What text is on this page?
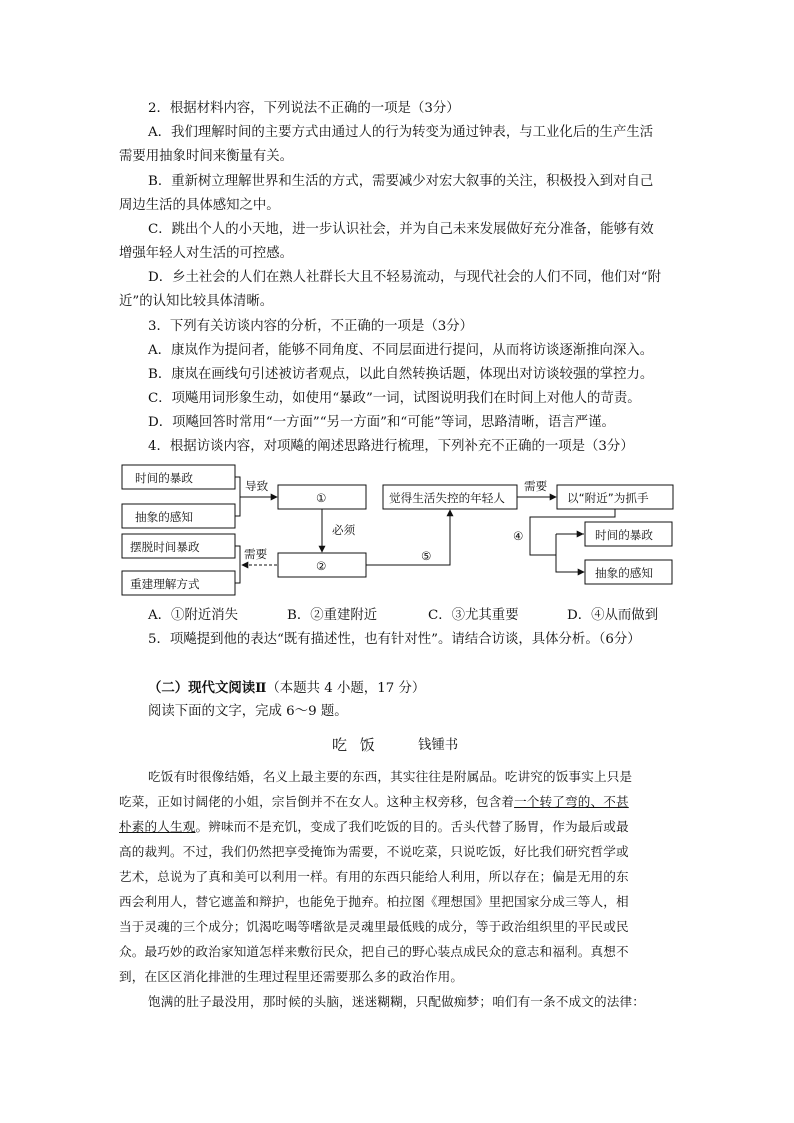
2．根据材料内容，下列说法不正确的一项是（3分）
A．我们理解时间的主要方式由通过人的行为转变为通过钟表，与工业化后的生产生活
需要用抽象时间来衡量有关。
B．重新树立理解世界和生活的方式，需要减少对宏大叙事的关注，积极投入到对自己
周边生活的具体感知之中。
C．跳出个人的小天地，进一步认识社会，并为自己未来发展做好充分准备，能够有效
增强年轻人对生活的可控感。
D．乡土社会的人们在熟人社群长大且不轻易流动，与现代社会的人们不同，他们对“附
近”的认知比较具体清晰。
3．下列有关访谈内容的分析，不正确的一项是（3分）
A．康岚作为提问者，能够不同角度、不同层面进行提问，从而将访谈逐渐推向深入。
B．康岚在画线句引述被访者观点，以此自然转换话题，体现出对访谈较强的掌控力。
C．项飚用词形象生动，如使用“暴政”一词，试图说明我们在时间上对他人的苛责。
D．项飚回答时常用“一方面”“另一方面”和“可能”等词，思路清晰，语言严谨。
4．根据访谈内容，对项飚的阐述思路进行梳理，下列补充不正确的一项是（3分）
时间的暴政
抽象的感知
导致
①
必须
②
摆脱时间暴政
重建理解方式
需要	⑤
觉得生活失控的年轻人
需要
以“附近”为抓手
④	时间的暴政
抽象的感知
A．①附近消失	B．②重建附近	C．③尤其重要	D．④从而做到
5．项飚提到他的表达“既有描述性，也有针对性”。请结合访谈，具体分析。（6分）
（二）现代文阅读Ⅱ（本题共 4 小题，17 分）
阅读下面的文字，完成 6～9 题。
吃 饭	钱锺书
吃饭有时很像结婚，名义上最主要的东西，其实往往是附属品。吃讲究的饭事实上只是
吃菜，正如讨阔佬的小姐，宗旨倒并不在女人。这种主权旁移，包含着一个转了弯的、不甚
朴素的人生观。辨味而不是充饥，变成了我们吃饭的目的。舌头代替了肠胃，作为最后或最
高的裁判。不过，我们仍然把享受掩饰为需要，不说吃菜，只说吃饭，好比我们研究哲学或
艺术，总说为了真和美可以利用一样。有用的东西只能给人利用，所以存在；偏是无用的东
西会利用人，替它遮盖和辩护，也能免于抛弃。柏拉图《理想国》里把国家分成三等人，相
当于灵魂的三个成分；饥渴吃喝等嗜欲是灵魂里最低贱的成分，等于政治组织里的平民或民
众。最巧妙的政治家知道怎样来敷衍民众，把自己的野心装点成民众的意志和福利。真想不
到，在区区消化排泄的生理过程里还需要那么多的政治作用。
饱满的肚子最没用，那时候的头脑，迷迷糊糊，只配做痴梦；咱们有一条不成文的法律：
